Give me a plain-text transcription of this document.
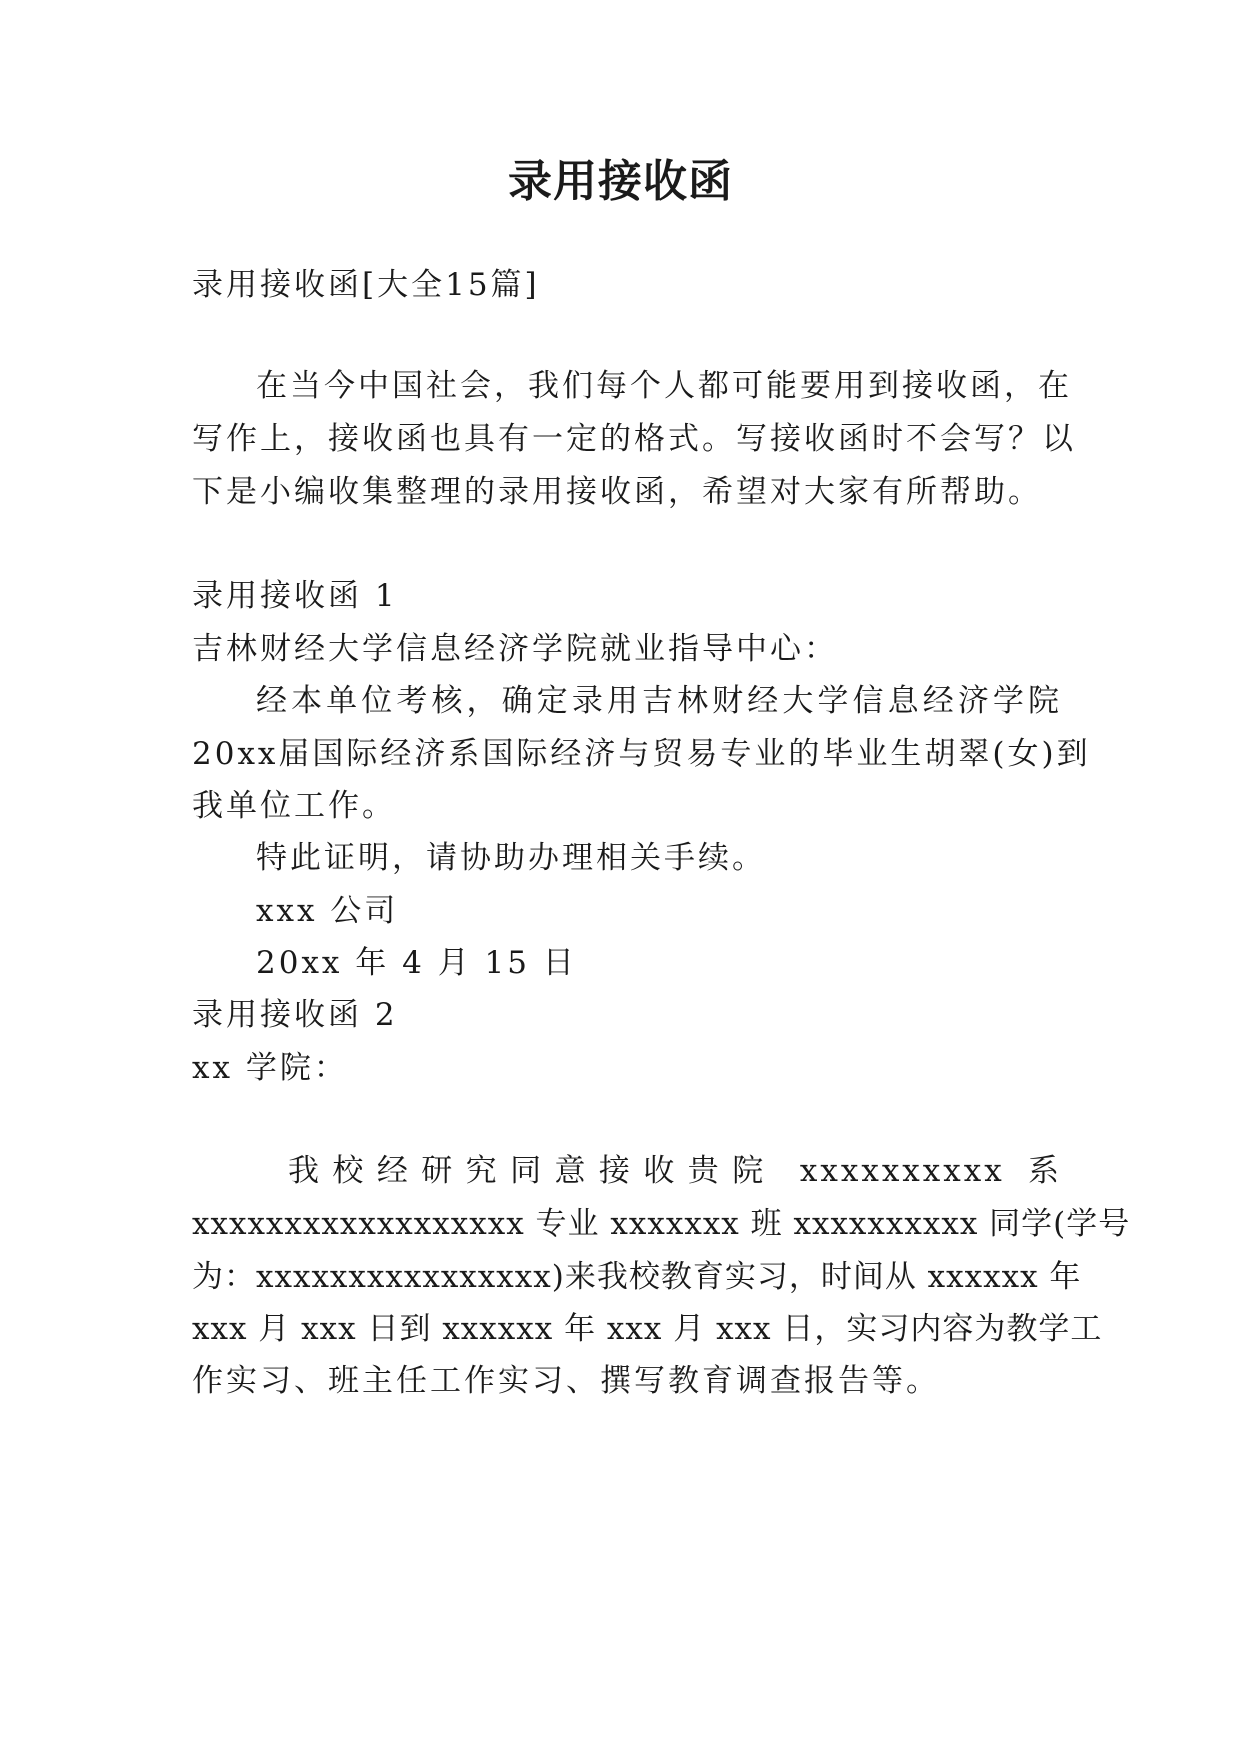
录用接收函
录用接收函[大全15篇]
在当今中国社会，我们每个人都可能要用到接收函，在
写作上，接收函也具有一定的格式。写接收函时不会写？以
下是小编收集整理的录用接收函，希望对大家有所帮助。
录用接收函 1
吉林财经大学信息经济学院就业指导中心：
经本单位考核，确定录用吉林财经大学信息经济学院
20xx届国际经济系国际经济与贸易专业的毕业生胡翠(女)到
我单位工作。
特此证明，请协助办理相关手续。
xxx 公司
20xx 年 4 月 15 日
录用接收函 2
xx 学院：
我校经研究同意接收贵院 xxxxxxxxxx 系
xxxxxxxxxxxxxxxxxx 专业 xxxxxxx 班 xxxxxxxxxx 同学(学号
为：xxxxxxxxxxxxxxxx)来我校教育实习，时间从 xxxxxx 年
xxx 月 xxx 日到 xxxxxx 年 xxx 月 xxx 日，实习内容为教学工
作实习、班主任工作实习、撰写教育调查报告等。
